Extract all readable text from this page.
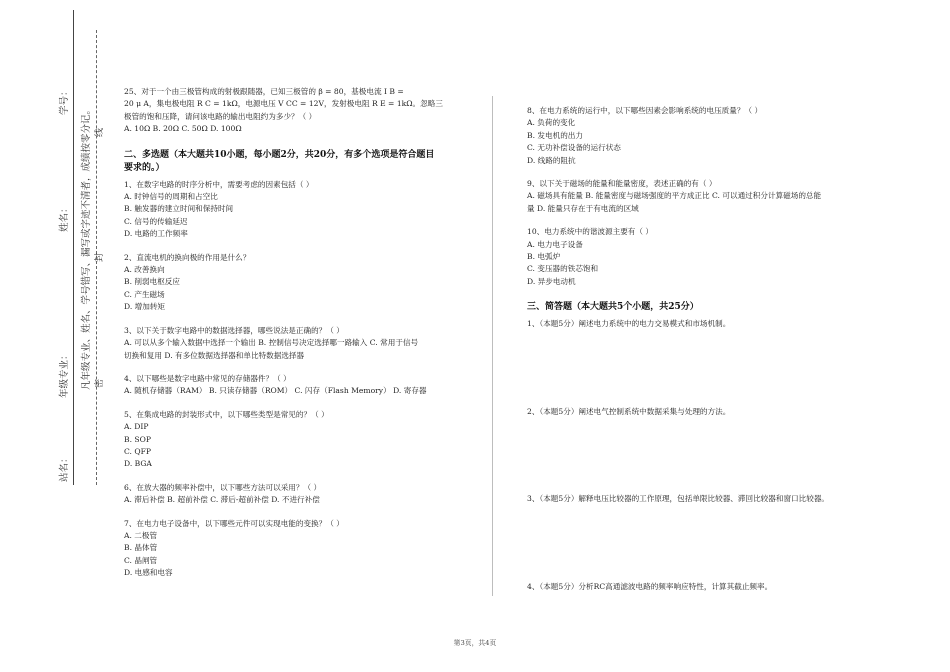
学号：
姓名：
年级专业：
站名：
凡年级专业、姓名、学号错写、漏写或字迹不清者，成绩按零分记。 密
封
线

25、对于一个由三极管构成的射极跟随器，已知三极管的 β = 80，基极电流 I B =

20 μ A，集电极电阻 R C = 1kΩ，电源电压 V CC = 12V，发射极电阻 R E = 1kΩ。忽略三

极管的饱和压降，请问该电路的输出电阻约为多少？（ ）

A. 10Ω B. 20Ω C. 50Ω D. 100Ω

二、多选题（本大题共10小题，每小题2分，共20分，有多个选项是符合题目
要求的。）

1、在数字电路的时序分析中，需要考虑的因素包括（ ）

A. 时钟信号的周期和占空比

B. 触发器的建立时间和保持时间

C. 信号的传输延迟

D. 电路的工作频率

2、直流电机的换向极的作用是什么？

A. 改善换向

B. 削弱电枢反应

C. 产生磁场

D. 增加转矩

3、以下关于数字电路中的数据选择器，哪些说法是正确的？（ ）

A. 可以从多个输入数据中选择一个输出 B. 控制信号决定选择哪一路输入 C. 常用于信号

切换和复用 D. 有多位数据选择器和单比特数据选择器

4、以下哪些是数字电路中常见的存储器件？（ ）

A. 随机存储器（RAM） B. 只读存储器（ROM） C. 闪存（Flash Memory） D. 寄存器

5、在集成电路的封装形式中，以下哪些类型是常见的？（ ）

A. DIP

B. SOP

C. QFP

D. BGA

6、在放大器的频率补偿中，以下哪些方法可以采用？（ ）

A. 滞后补偿 B. 超前补偿 C. 滞后-超前补偿 D. 不进行补偿

7、在电力电子设备中，以下哪些元件可以实现电能的变换？（ ）

A. 二极管

B. 晶体管

C. 晶闸管

D. 电感和电容

8、在电力系统的运行中，以下哪些因素会影响系统的电压质量？（ ）

A. 负荷的变化

B. 发电机的出力

C. 无功补偿设备的运行状态

D. 线路的阻抗

9、以下关于磁场的能量和能量密度，表述正确的有（ ）

A. 磁场具有能量 B. 能量密度与磁场强度的平方成正比 C. 可以通过积分计算磁场的总能

量 D. 能量只存在于有电流的区域

10、电力系统中的谐波源主要有（ ）

A. 电力电子设备

B. 电弧炉

C. 变压器的铁芯饱和

D. 异步电动机

三、简答题（本大题共5个小题，共25分）

1、（本题5分）阐述电力系统中的电力交易模式和市场机制。

2、（本题5分）阐述电气控制系统中数据采集与处理的方法。

3、（本题5分）解释电压比较器的工作原理，包括单限比较器、滞回比较器和窗口比较器。

4、（本题5分）分析RC高通滤波电路的频率响应特性，计算其截止频率。

第3页，共4页
